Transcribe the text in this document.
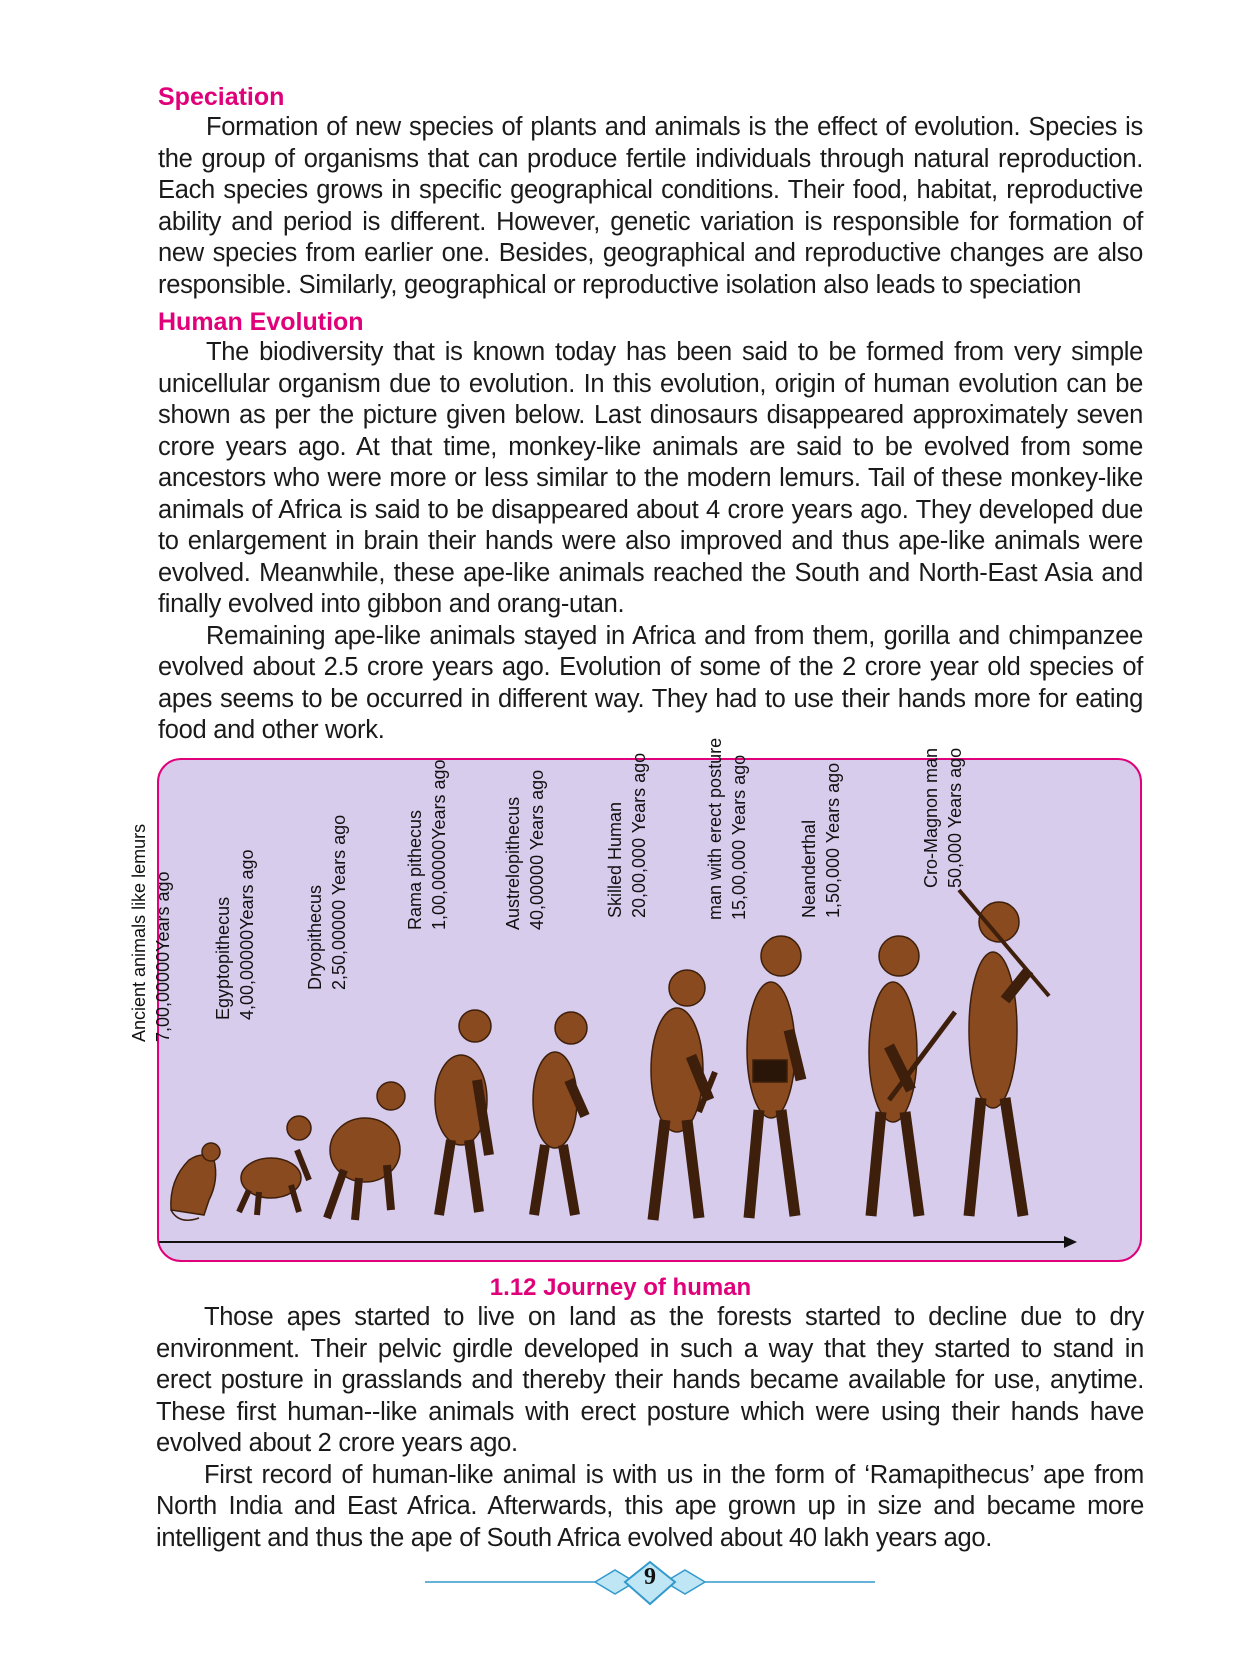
Speciation

Formation of new species of plants and animals is the effect of evolution. Species is the group of organisms that can produce fertile individuals through natural reproduction. Each species grows in specific geographical conditions. Their food, habitat, reproductive ability and period is different. However, genetic variation is responsible for formation of new species from earlier one. Besides, geographical and reproductive changes are also responsible. Similarly, geographical or reproductive isolation also leads to speciation

Human Evolution

The biodiversity that is known today has been said to be formed from very simple unicellular organism due to evolution. In this evolution, origin of human evolution can be shown as per the picture given below. Last dinosaurs disappeared approximately seven crore years ago. At that time, monkey-like animals are said to be evolved from some ancestors who were more or less similar to the modern lemurs. Tail of these monkey-like animals of Africa is said to be disappeared about 4 crore years ago. They developed due to enlargement in brain their hands were also improved and thus ape-like animals were evolved. Meanwhile, these ape-like animals reached the South and North-East Asia and finally evolved into gibbon and orang-utan.

Remaining ape-like animals stayed in Africa and from them, gorilla and chimpanzee evolved about 2.5 crore years ago. Evolution of some of the 2 crore year old species of apes seems to be occurred in different way. They had to use their hands more for eating food and other work.

Ancient animals like lemurs 7,00,00000Years ago Egyptopithecus 4,00,00000Years ago	Dryopithecus 2,50,00000 Years ago	Rama pithecus 1,00,00000Years ago	Austrelopithecus 40,00000 Years ago	Skilled Human 20,00,000 Years ago	man with erect posture 15,00,000 Years ago	Neanderthal 1,50,000 Years ago	Cro-Magnon man 50,000 Years ago
1.12 Journey of human

Those apes started to live on land as the forests started to decline due to dry environment. Their pelvic girdle developed in such a way that they started to stand in erect posture in grasslands and thereby their hands became available for use, anytime. These first human--like animals with erect posture which were using their hands have evolved about 2 crore years ago.

First record of human-like animal is with us in the form of ‘Ramapithecus’ ape from North India and East Africa. Afterwards, this ape grown up in size and became more intelligent and thus the ape of South Africa evolved about 40 lakh years ago.

9
